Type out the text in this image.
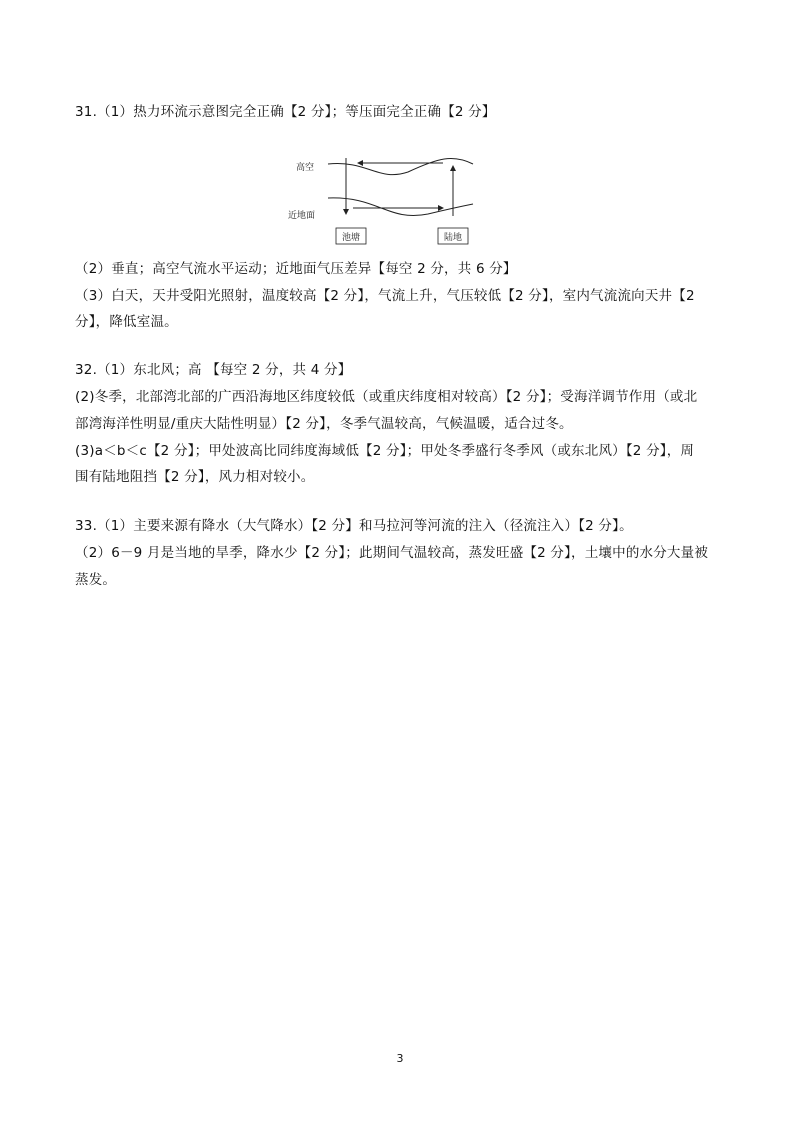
31.（1）热力环流示意图完全正确【2 分】；等压面完全正确【2 分】
高空
近地面
池塘	陆地
（2）垂直；高空气流水平运动；近地面气压差异【每空 2 分，共 6 分】
（3）白天，天井受阳光照射，温度较高【2 分】，气流上升，气压较低【2 分】，室内气流流向天井【2
分】，降低室温。
32.（1）东北风；高 【每空 2 分，共 4 分】
(2)冬季，北部湾北部的广西沿海地区纬度较低（或重庆纬度相对较高）【2 分】；受海洋调节作用（或北
部湾海洋性明显/重庆大陆性明显）【2 分】，冬季气温较高，气候温暖，适合过冬。
(3)a＜b＜c【2 分】；甲处波高比同纬度海域低【2 分】；甲处冬季盛行冬季风（或东北风）【2 分】，周
围有陆地阻挡【2 分】，风力相对较小。
33.（1）主要来源有降水（大气降水）【2 分】和马拉河等河流的注入（径流注入）【2 分】。
（2）6－9 月是当地的旱季，降水少【2 分】；此期间气温较高，蒸发旺盛【2 分】，土壤中的水分大量被
蒸发。
3
